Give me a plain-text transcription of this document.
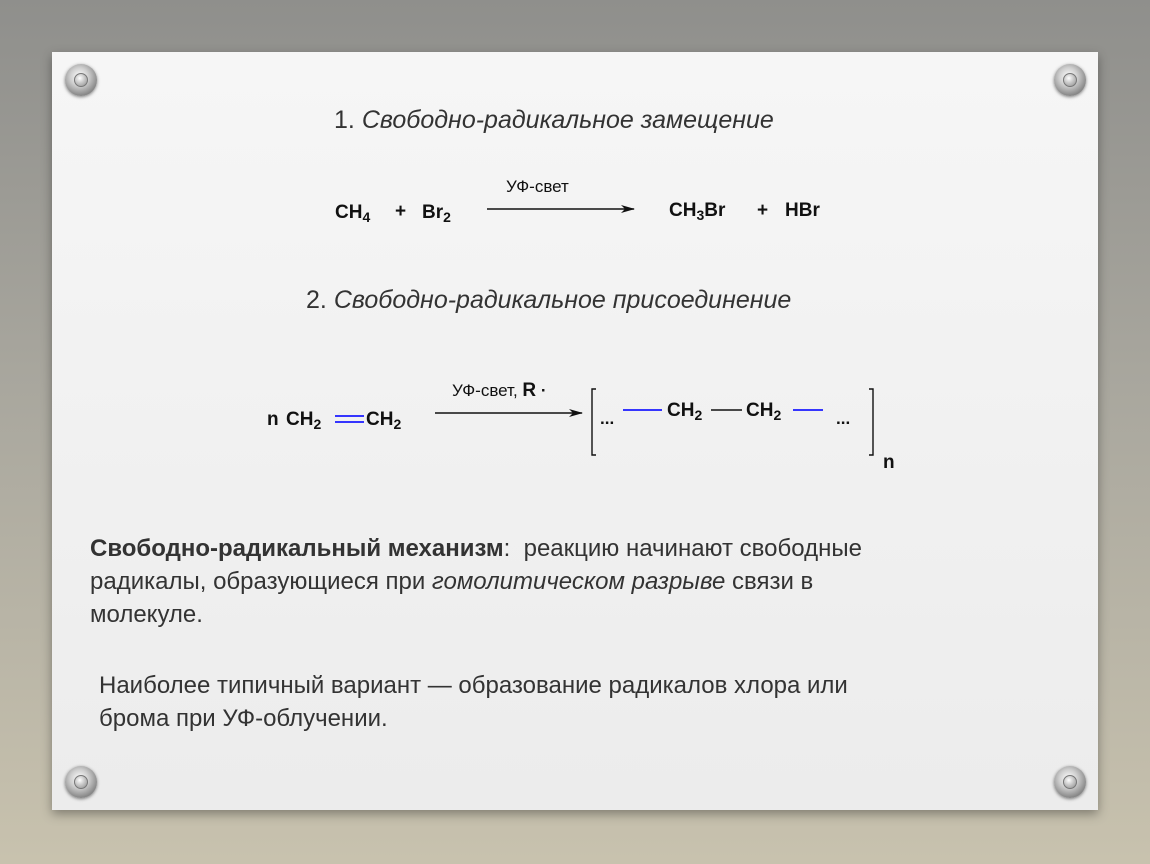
1. Свободно-радикальное замещение
$CH_4 + Br_2$
УФ-свет
$CH_3Br$ + HBr
2. Свободно-радикальное присоединение
n $CH_2$ $CH_2$
УФ-свет, R ·
...	$CH_2$ $CH_2$	...
n
Свободно-радикальный механизм: реакцию начинают свободные
радикалы, образующиеся при гомолитическом разрыве связи в
молекуле.
Наиболее типичный вариант — образование радикалов хлора или
брома при УФ-облучении.
